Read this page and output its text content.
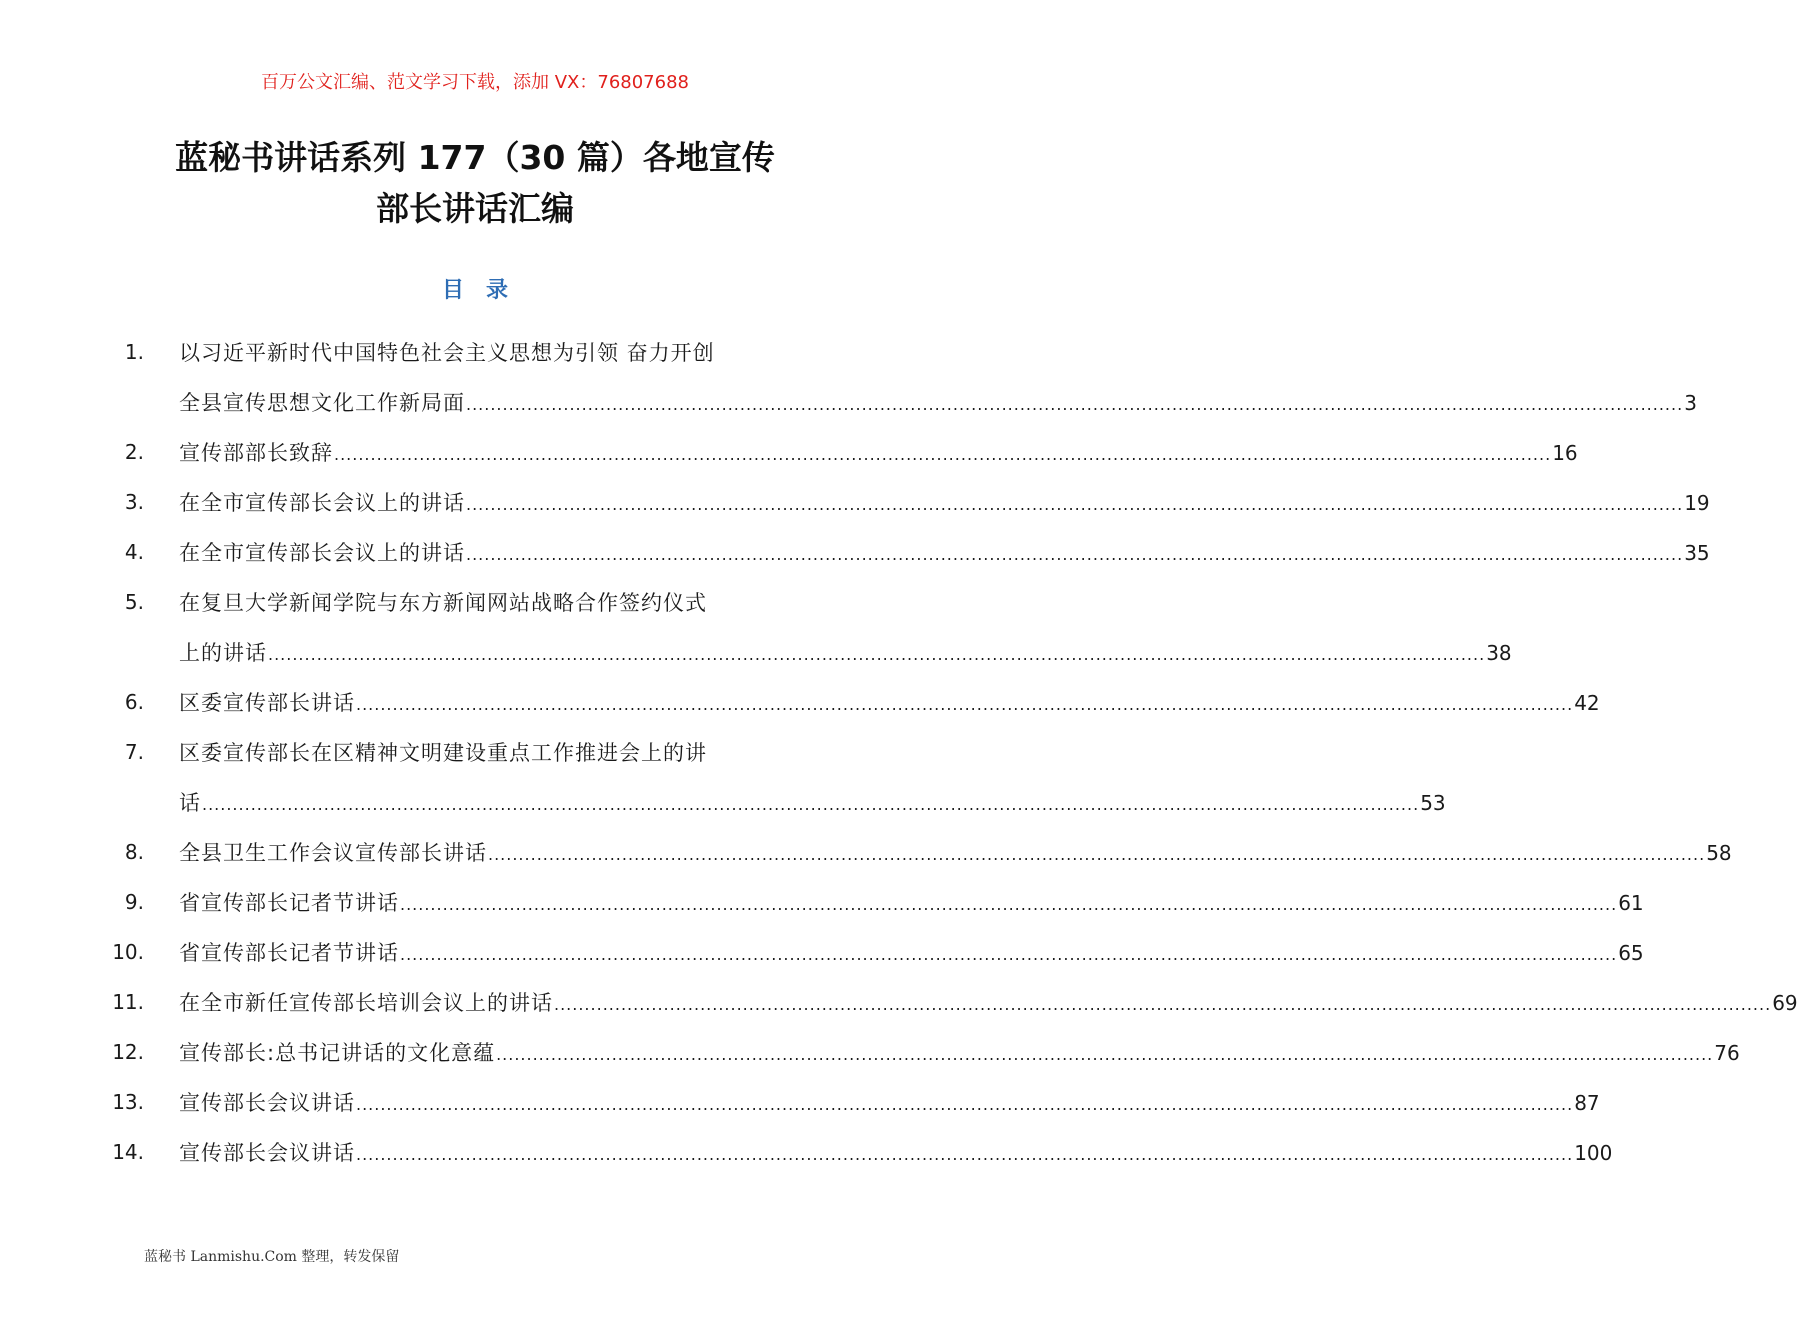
百万公文汇编、范文学习下载，添加 VX：76807688
蓝秘书讲话系列 177（30 篇）各地宣传
部长讲话汇编
目录
1. 以习近平新时代中国特色社会主义思想为引领 奋力开创
全县宣传思想文化工作新局面 ........................................................................................................................................................................................................ 3
2. 宣传部部长致辞 ........................................................................................................................................................................................................ 16
3. 在全市宣传部长会议上的讲话 ........................................................................................................................................................................................................ 19
4. 在全市宣传部长会议上的讲话 ........................................................................................................................................................................................................ 35
5. 在复旦大学新闻学院与东方新闻网站战略合作签约仪式
上的讲话 ........................................................................................................................................................................................................ 38
6. 区委宣传部长讲话 ........................................................................................................................................................................................................ 42
7. 区委宣传部长在区精神文明建设重点工作推进会上的讲
话 ........................................................................................................................................................................................................ 53
8. 全县卫生工作会议宣传部长讲话 ........................................................................................................................................................................................................ 58
9. 省宣传部长记者节讲话 ........................................................................................................................................................................................................ 61
10. 省宣传部长记者节讲话 ........................................................................................................................................................................................................ 65
11. 在全市新任宣传部长培训会议上的讲话 ........................................................................................................................................................................................................ 69
12. 宣传部长:总书记讲话的文化意蕴 ........................................................................................................................................................................................................ 76
13. 宣传部长会议讲话 ........................................................................................................................................................................................................ 87
14. 宣传部长会议讲话 ........................................................................................................................................................................................................ 100
蓝秘书 Lanmishu.Com 整理，转发保留
